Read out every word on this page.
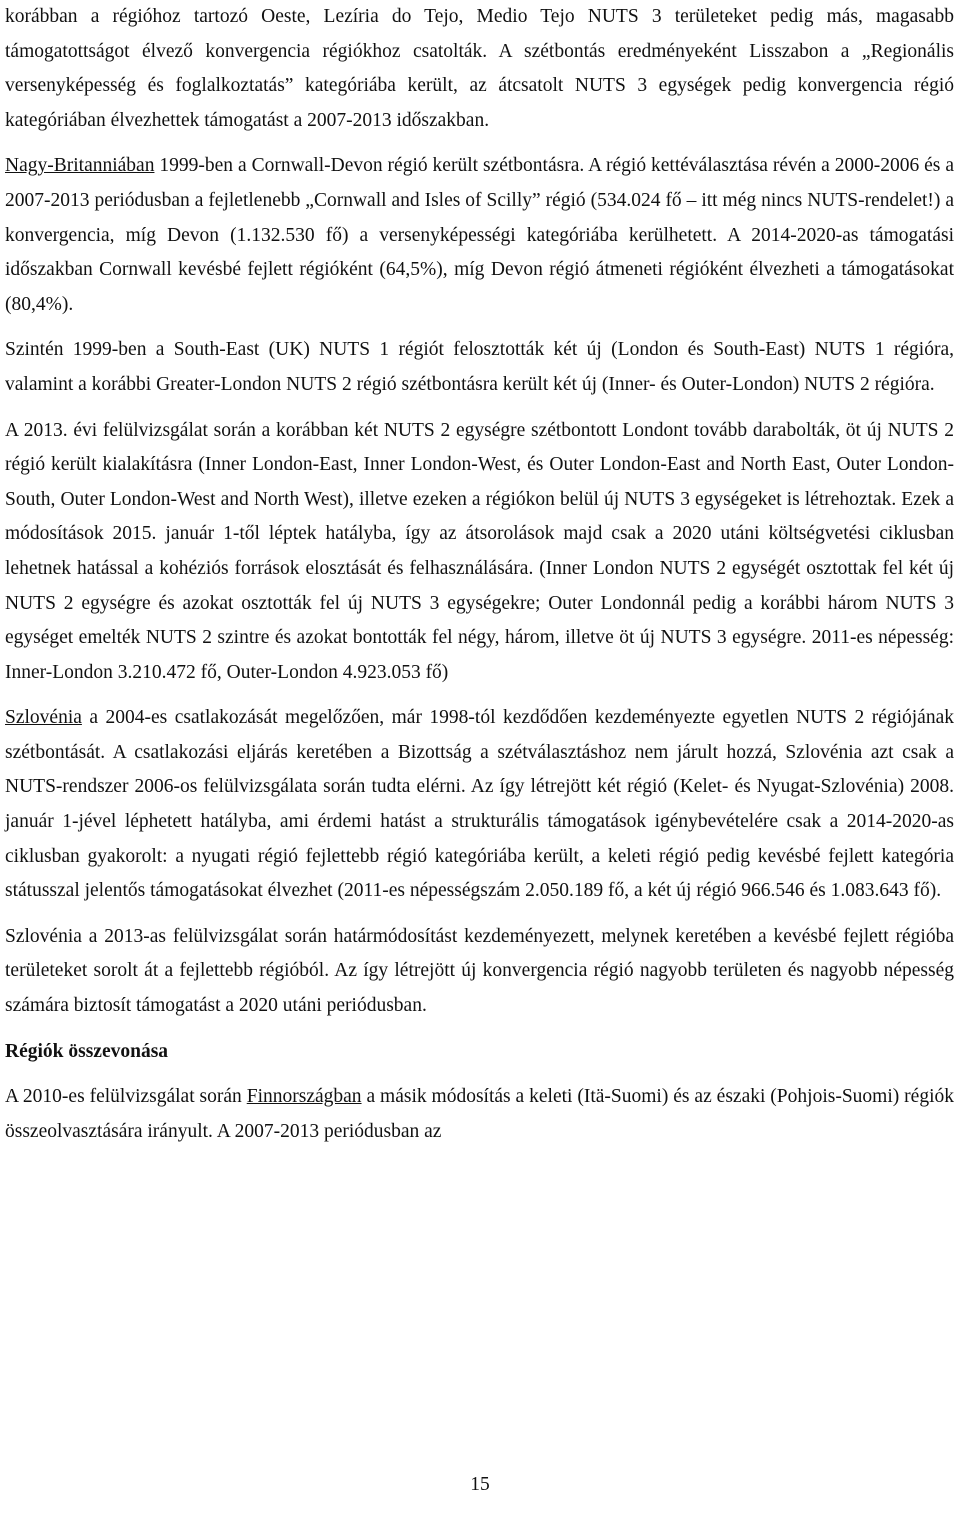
korábban a régióhoz tartozó Oeste, Lezíria do Tejo, Medio Tejo NUTS 3 területeket pedig más, magasabb támogatottságot élvező konvergencia régiókhoz csatolták. A szétbontás eredményeként Lisszabon a „Regionális versenyképesség és foglalkoztatás” kategóriába került, az átcsatolt NUTS 3 egységek pedig konvergencia régió kategóriában élvezhettek támogatást a 2007-2013 időszakban.

Nagy-Britanniában 1999-ben a Cornwall-Devon régió került szétbontásra. A régió kettéválasztása révén a 2000-2006 és a 2007-2013 periódusban a fejletlenebb „Cornwall and Isles of Scilly” régió (534.024 fő – itt még nincs NUTS-rendelet!) a konvergencia, míg Devon (1.132.530 fő) a versenyképességi kategóriába kerülhetett. A 2014-2020-as támogatási időszakban Cornwall kevésbé fejlett régióként (64,5%), míg Devon régió átmeneti régióként élvezheti a támogatásokat (80,4%).

Szintén 1999-ben a South-East (UK) NUTS 1 régiót felosztották két új (London és South-East) NUTS 1 régióra, valamint a korábbi Greater-London NUTS 2 régió szétbontásra került két új (Inner- és Outer-London) NUTS 2 régióra.

A 2013. évi felülvizsgálat során a korábban két NUTS 2 egységre szétbontott Londont tovább darabolták, öt új NUTS 2 régió került kialakításra (Inner London-East, Inner London-West, és Outer London-East and North East, Outer London-South, Outer London-West and North West), illetve ezeken a régiókon belül új NUTS 3 egységeket is létrehoztak. Ezek a módosítások 2015. január 1-től léptek hatályba, így az átsorolások majd csak a 2020 utáni költségvetési ciklusban lehetnek hatással a kohéziós források elosztását és felhasználására. (Inner London NUTS 2 egységét osztottak fel két új NUTS 2 egységre és azokat osztották fel új NUTS 3 egységekre; Outer Londonnál pedig a korábbi három NUTS 3 egységet emelték NUTS 2 szintre és azokat bontották fel négy, három, illetve öt új NUTS 3 egységre. 2011-es népesség: Inner-London 3.210.472 fő, Outer-London 4.923.053 fő)

Szlovénia a 2004-es csatlakozását megelőzően, már 1998-tól kezdődően kezdeményezte egyetlen NUTS 2 régiójának szétbontását. A csatlakozási eljárás keretében a Bizottság a szétválasztáshoz nem járult hozzá, Szlovénia azt csak a NUTS-rendszer 2006-os felülvizsgálata során tudta elérni. Az így létrejött két régió (Kelet- és Nyugat-Szlovénia) 2008. január 1-jével léphetett hatályba, ami érdemi hatást a strukturális támogatások igénybevételére csak a 2014-2020-as ciklusban gyakorolt: a nyugati régió fejlettebb régió kategóriába került, a keleti régió pedig kevésbé fejlett kategória státusszal jelentős támogatásokat élvezhet (2011-es népességszám 2.050.189 fő, a két új régió 966.546 és 1.083.643 fő).

Szlovénia a 2013-as felülvizsgálat során határmódosítást kezdeményezett, melynek keretében a kevésbé fejlett régióba területeket sorolt át a fejlettebb régióból. Az így létrejött új konvergencia régió nagyobb területen és nagyobb népesség számára biztosít támogatást a 2020 utáni periódusban.

Régiók összevonása

A 2010-es felülvizsgálat során Finnországban a másik módosítás a keleti (Itä-Suomi) és az északi (Pohjois-Suomi) régiók összeolvasztására irányult. A 2007-2013 periódusban az

15
